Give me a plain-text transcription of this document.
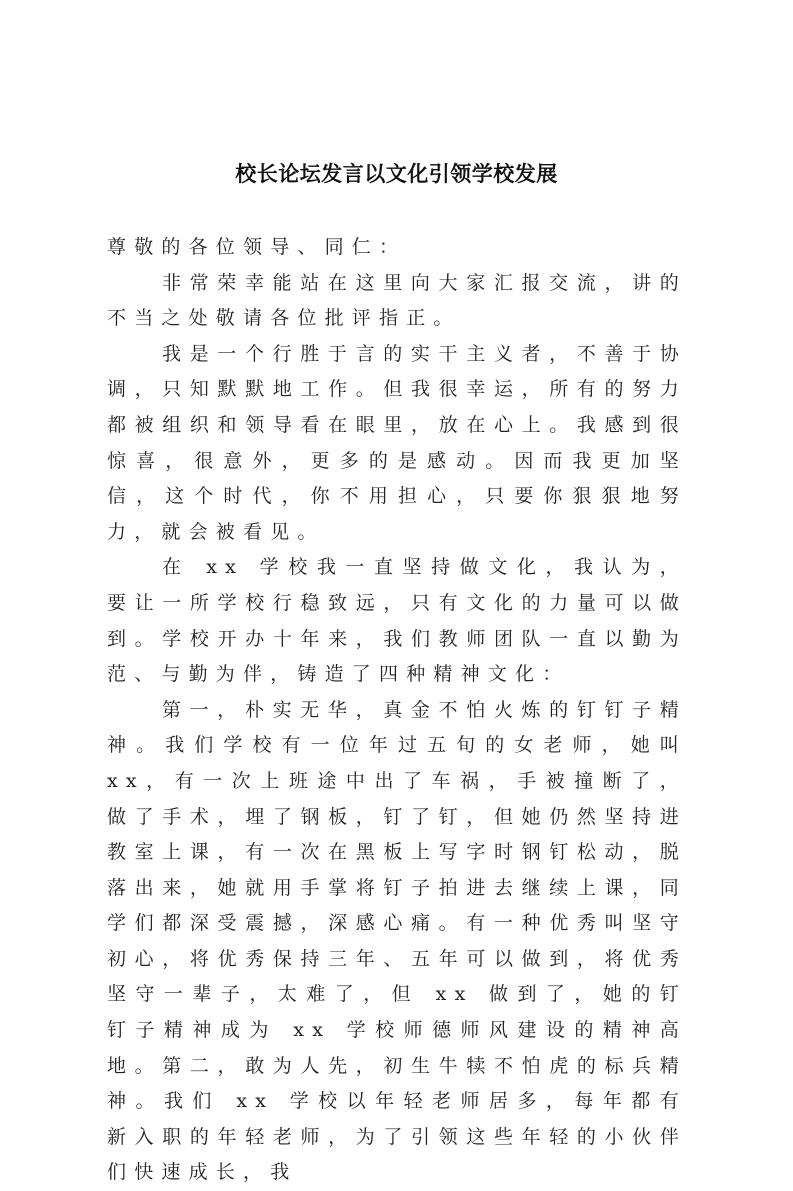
校长论坛发言以文化引领学校发展

尊敬的各位领导、同仁：

非常荣幸能站在这里向大家汇报交流，讲的不当之处敬请各位批评指正。

我是一个行胜于言的实干主义者，不善于协调，只知默默地工作。但我很幸运，所有的努力都被组织和领导看在眼里，放在心上。我感到很惊喜，很意外，更多的是感动。因而我更加坚信，这个时代，你不用担心，只要你狠狠地努力，就会被看见。

在 xx 学校我一直坚持做文化，我认为，要让一所学校行稳致远，只有文化的力量可以做到。学校开办十年来，我们教师团队一直以勤为范、与勤为伴，铸造了四种精神文化：

第一，朴实无华，真金不怕火炼的钉钉子精神。我们学校有一位年过五旬的女老师，她叫 xx，有一次上班途中出了车祸，手被撞断了，做了手术，埋了钢板，钉了钉，但她仍然坚持进教室上课，有一次在黑板上写字时钢钉松动，脱落出来，她就用手掌将钉子拍进去继续上课，同学们都深受震撼，深感心痛。有一种优秀叫坚守初心，将优秀保持三年、五年可以做到，将优秀坚守一辈子，太难了，但 xx 做到了，她的钉钉子精神成为 xx 学校师德师风建设的精神高地。第二，敢为人先，初生牛犊不怕虎的标兵精神。我们 xx 学校以年轻老师居多，每年都有新入职的年轻老师，为了引领这些年轻的小伙伴们快速成长，我
